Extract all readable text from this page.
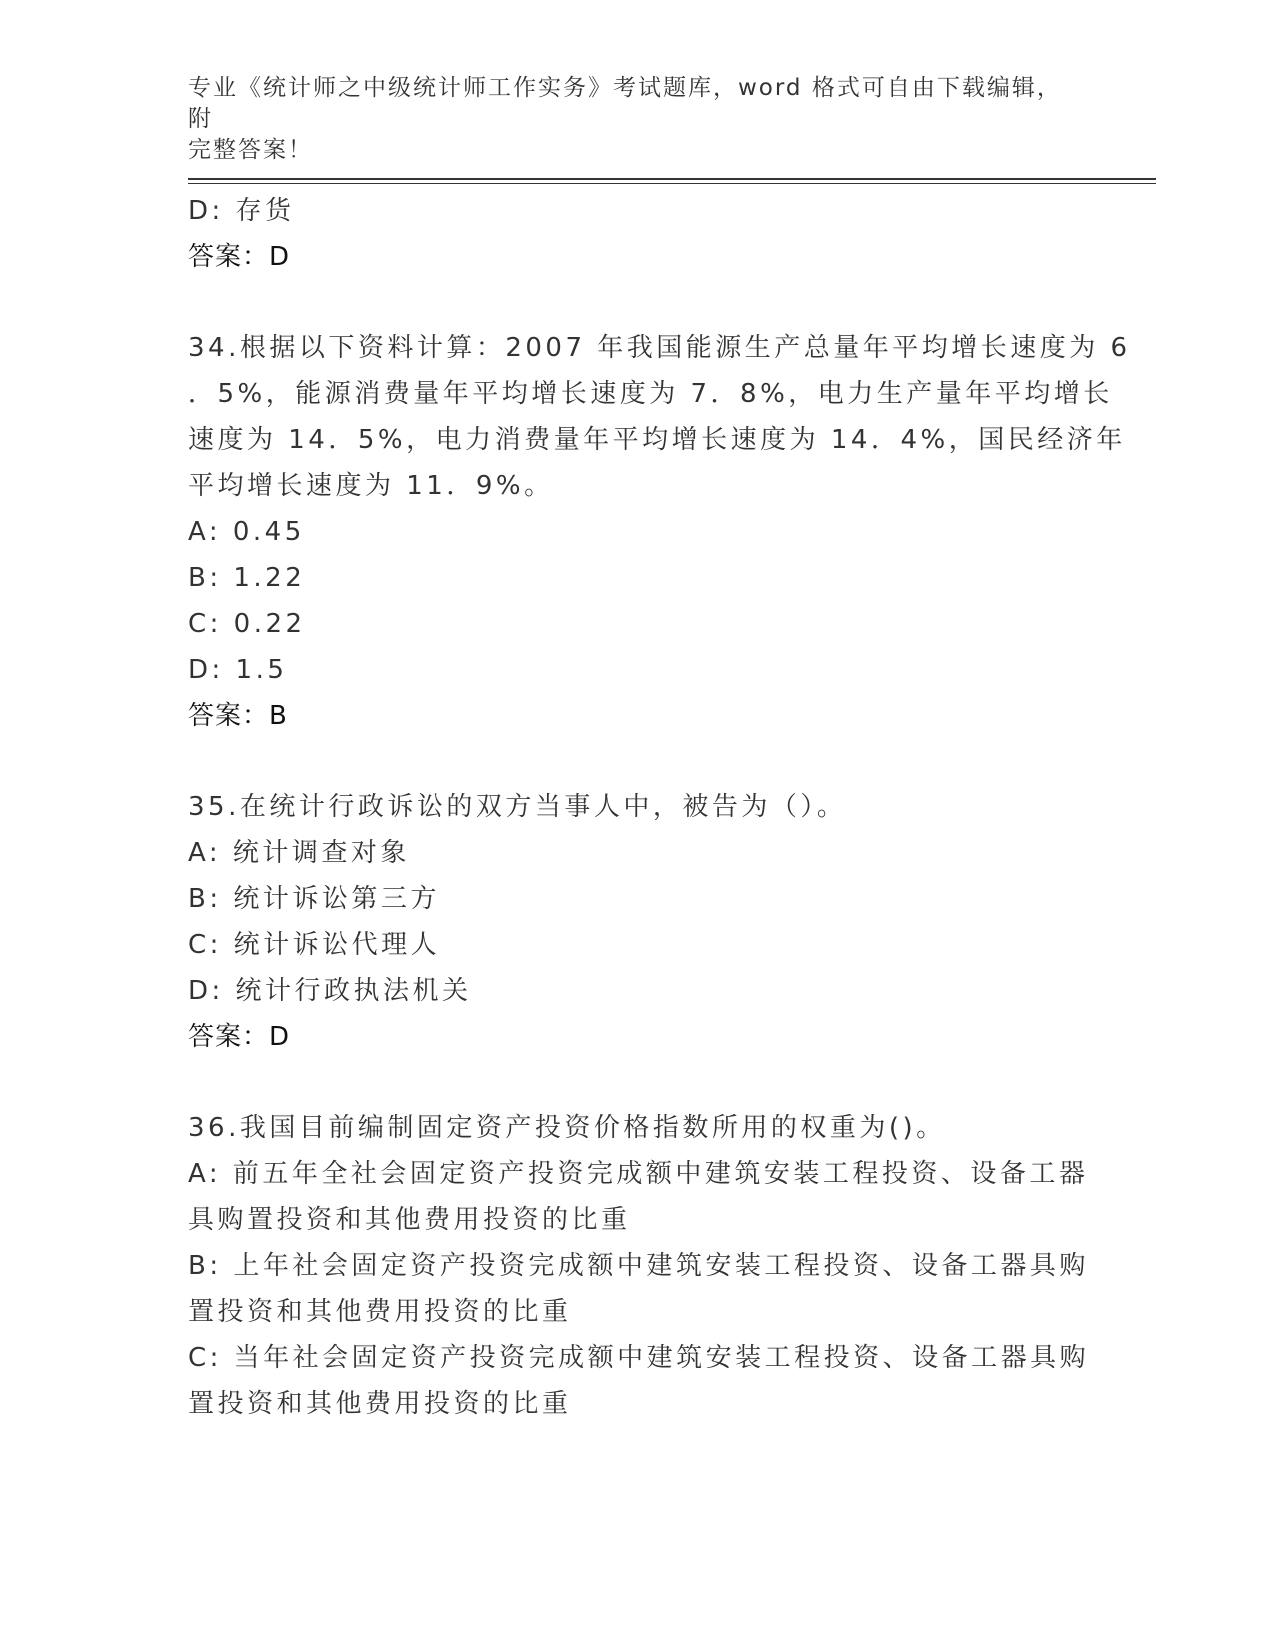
专业《统计师之中级统计师工作实务》考试题库，word 格式可自由下载编辑，附
完整答案！
D: 存货
答案：D
34.根据以下资料计算：2007 年我国能源生产总量年平均增长速度为 6
．5%，能源消费量年平均增长速度为 7．8%，电力生产量年平均增长
速度为 14．5%，电力消费量年平均增长速度为 14．4%，国民经济年
平均增长速度为 11．9%。
A: 0.45
B: 1.22
C: 0.22
D: 1.5
答案：B
35.在统计行政诉讼的双方当事人中，被告为（）。
A: 统计调查对象
B: 统计诉讼第三方
C: 统计诉讼代理人
D: 统计行政执法机关
答案：D
36.我国目前编制固定资产投资价格指数所用的权重为()。
A: 前五年全社会固定资产投资完成额中建筑安装工程投资、设备工器
具购置投资和其他费用投资的比重
B: 上年社会固定资产投资完成额中建筑安装工程投资、设备工器具购
置投资和其他费用投资的比重
C: 当年社会固定资产投资完成额中建筑安装工程投资、设备工器具购
置投资和其他费用投资的比重
